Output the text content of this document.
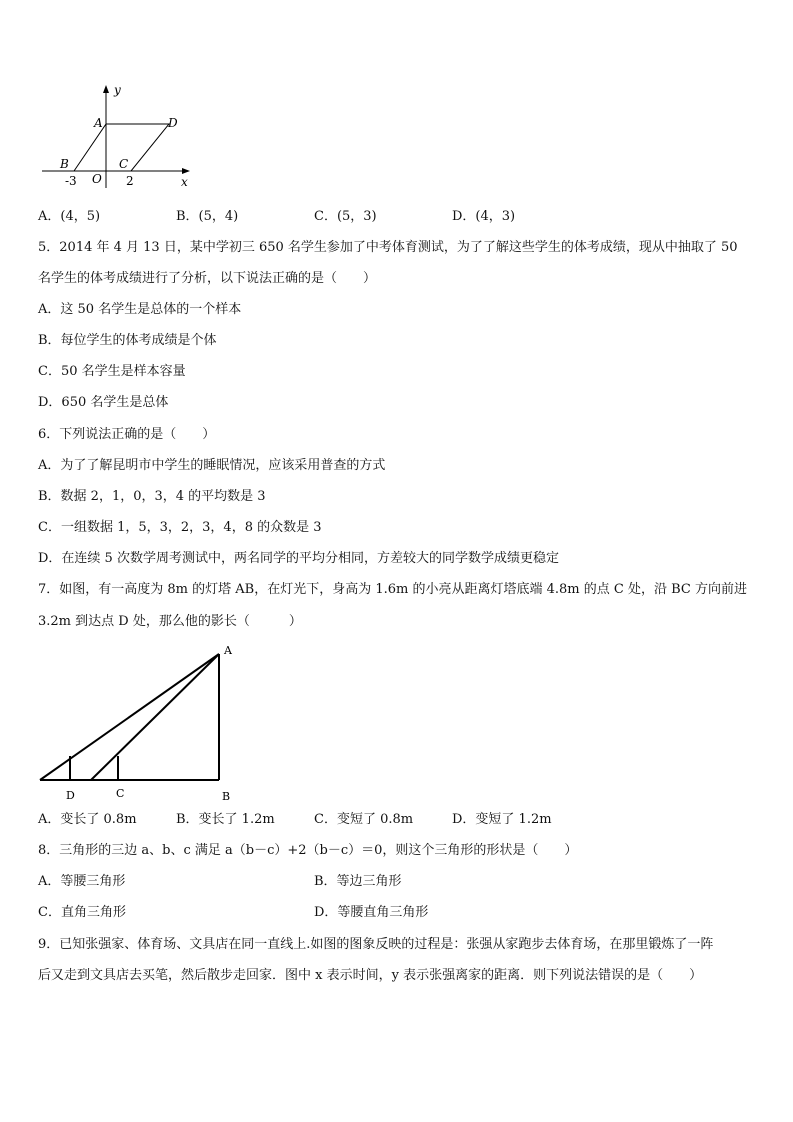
y
x
A	D
B	C
O
-3	2
A．(4，5)	B．(5，4)	C．(5，3)	D．(4，3)
5．2014 年 4 月 13 日，某中学初三 650 名学生参加了中考体育测试，为了了解这些学生的体考成绩，现从中抽取了 50
名学生的体考成绩进行了分析，以下说法正确的是（　　）
A．这 50 名学生是总体的一个样本
B．每位学生的体考成绩是个体
C．50 名学生是样本容量
D．650 名学生是总体
6．下列说法正确的是（　　）
A．为了了解昆明市中学生的睡眠情况，应该采用普查的方式
B．数据 2，1，0，3，4 的平均数是 3
C．一组数据 1，5，3，2，3，4，8 的众数是 3
D．在连续 5 次数学周考测试中，两名同学的平均分相同，方差较大的同学数学成绩更稳定
7．如图，有一高度为 8m 的灯塔 AB，在灯光下，身高为 1.6m 的小亮从距离灯塔底端 4.8m 的点 C 处，沿 BC 方向前进
3.2m 到达点 D 处，那么他的影长（　　　）
A
B
C
D
A．变长了 0.8m	B．变长了 1.2m	C．变短了 0.8m	D．变短了 1.2m
8．三角形的三边 a、b、c 满足 a（b－c）+2（b－c）＝0，则这个三角形的形状是（　　）
A．等腰三角形	B．等边三角形
C．直角三角形	D．等腰直角三角形
9．已知张强家、体育场、文具店在同一直线上.如图的图象反映的过程是：张强从家跑步去体育场，在那里锻炼了一阵
后又走到文具店去买笔，然后散步走回家．图中 x 表示时间，y 表示张强离家的距离．则下列说法错误的是（　　）
